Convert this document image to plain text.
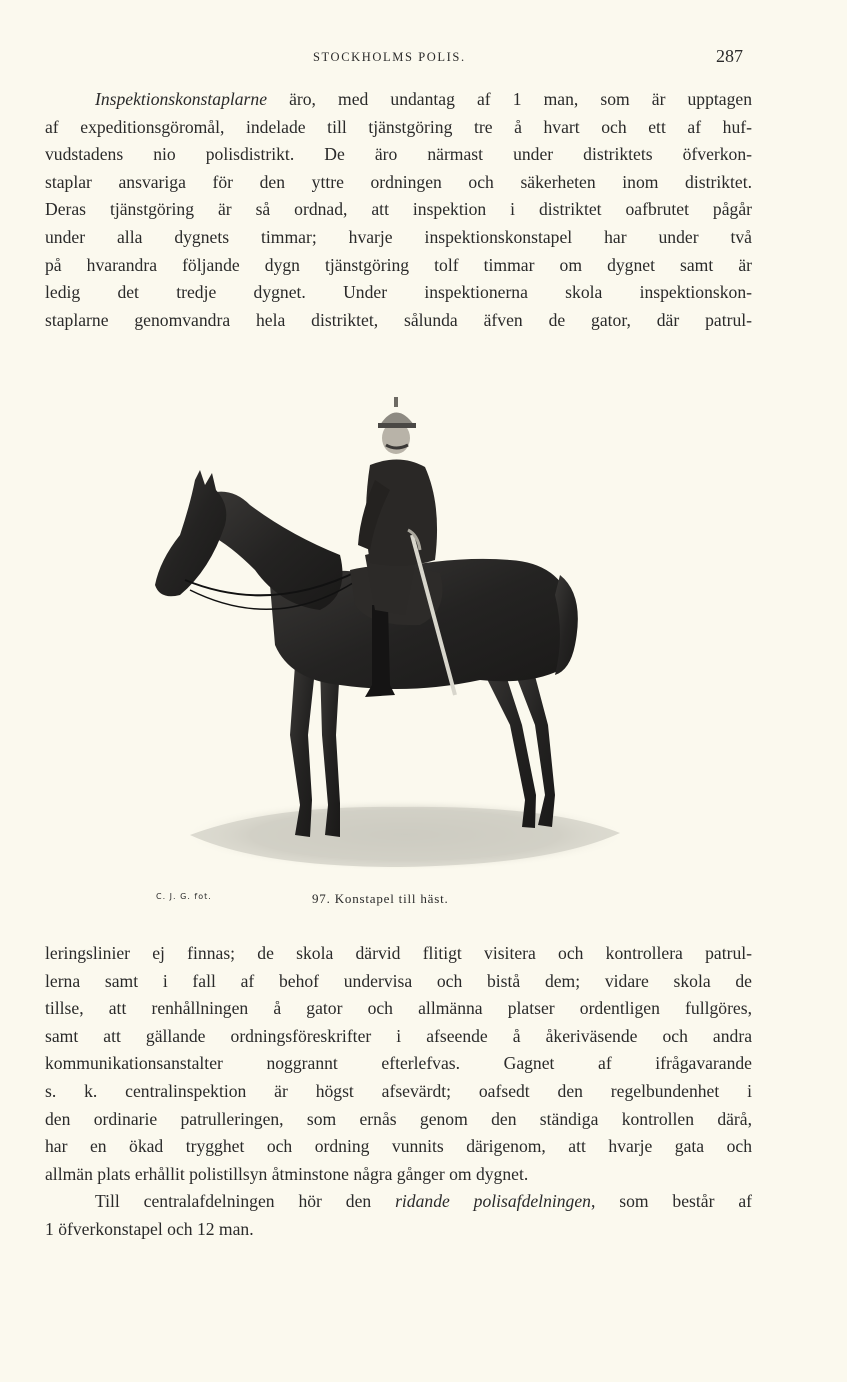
STOCKHOLMS POLIS.	287
Inspektionskonstaplarne äro, med undantag af 1 man, som är upptagen
af expeditionsgöromål, indelade till tjänstgöring tre å hvart och ett af huf-
vudstadens nio polisdistrikt. De äro närmast under distriktets öfverkon-
staplar ansvariga för den yttre ordningen och säkerheten inom distriktet.
Deras tjänstgöring är så ordnad, att inspektion i distriktet oafbrutet pågår
under alla dygnets timmar; hvarje inspektionskonstapel har under två
på hvarandra följande dygn tjänstgöring tolf timmar om dygnet samt är
ledig det tredje dygnet. Under inspektionerna skola inspektionskon-
staplarne genomvandra hela distriktet, sålunda äfven de gator, där patrul-
C. J. G. fot.	97. Konstapel till häst.
leringslinier ej finnas; de skola därvid flitigt visitera och kontrollera patrul-
lerna samt i fall af behof undervisa och bistå dem; vidare skola de
tillse, att renhållningen å gator och allmänna platser ordentligen fullgöres,
samt att gällande ordningsföreskrifter i afseende å åkeriväsende och andra
kommunikationsanstalter noggrannt efterlefvas. Gagnet af ifrågavarande
s. k. centralinspektion är högst afsevärdt; oafsedt den regelbundenhet i
den ordinarie patrulleringen, som ernås genom den ständiga kontrollen därå,
har en ökad trygghet och ordning vunnits därigenom, att hvarje gata och
allmän plats erhållit polistillsyn åtminstone några gånger om dygnet.
Till centralafdelningen hör den ridande polisafdelningen, som består af
1 öfverkonstapel och 12 man.
